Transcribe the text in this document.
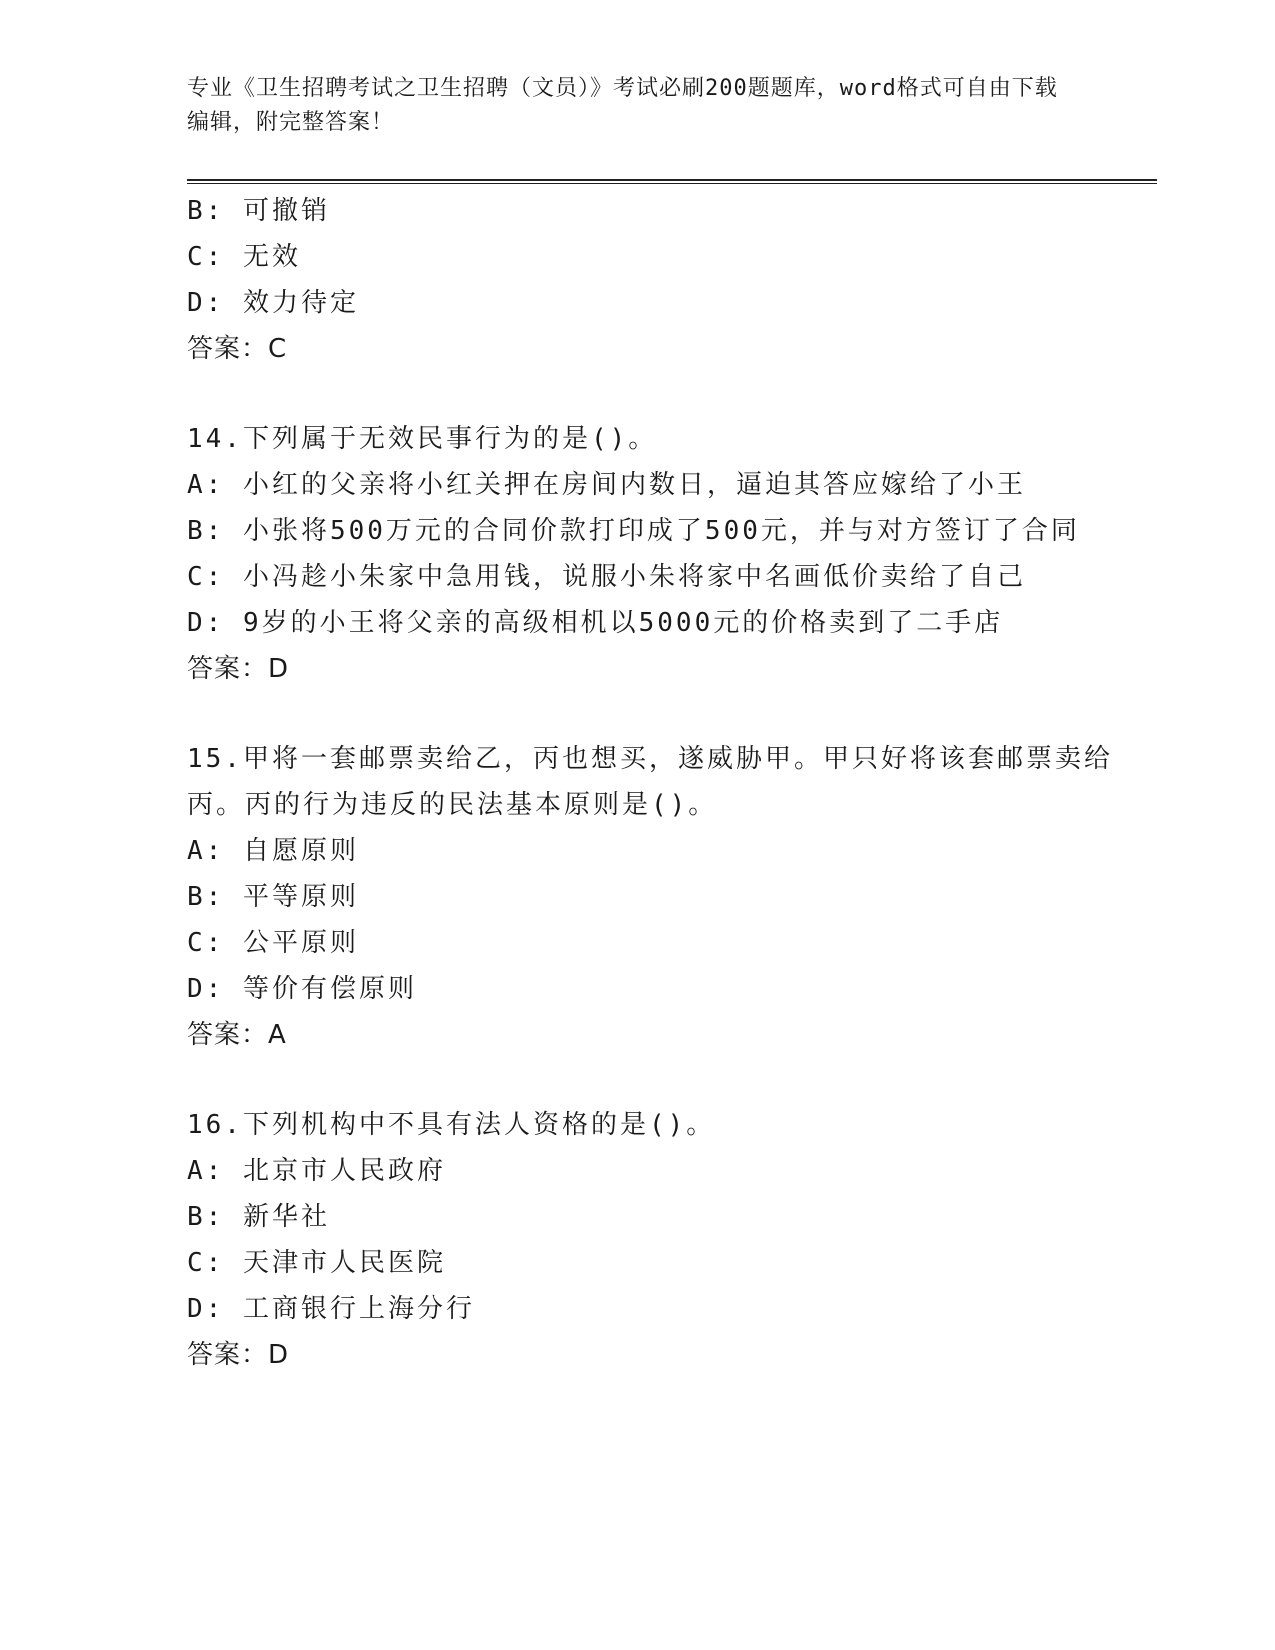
专业《卫生招聘考试之卫生招聘（文员）》考试必刷200题题库，word格式可自由下载编辑，附完整答案！
B: 可撤销
C: 无效
D: 效力待定
答案：C
14.下列属于无效民事行为的是()。
A: 小红的父亲将小红关押在房间内数日，逼迫其答应嫁给了小王
B: 小张将500万元的合同价款打印成了500元，并与对方签订了合同
C: 小冯趁小朱家中急用钱，说服小朱将家中名画低价卖给了自己
D: 9岁的小王将父亲的高级相机以5000元的价格卖到了二手店
答案：D
15.甲将一套邮票卖给乙，丙也想买，遂威胁甲。甲只好将该套邮票卖给丙。丙的行为违反的民法基本原则是()。
A: 自愿原则
B: 平等原则
C: 公平原则
D: 等价有偿原则
答案：A
16.下列机构中不具有法人资格的是()。
A: 北京市人民政府
B: 新华社
C: 天津市人民医院
D: 工商银行上海分行
答案：D
